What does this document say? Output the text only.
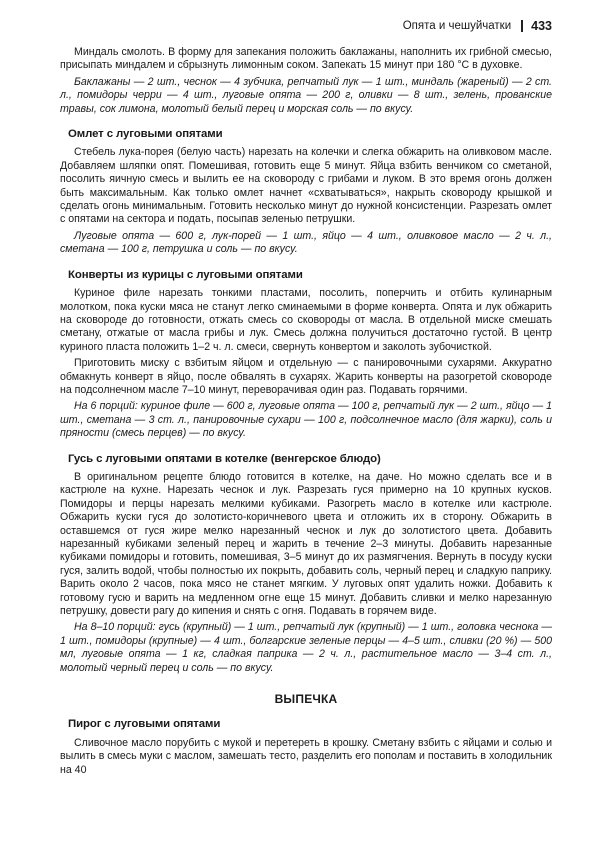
Опята и чешуйчатки 433

Миндаль смолоть. В форму для запекания положить баклажаны, наполнить их грибной смесью, присыпать миндалем и сбрызнуть лимонным соком. Запекать 15 минут при 180 °С в духовке.

Баклажаны — 2 шт., чеснок — 4 зубчика, репчатый лук — 1 шт., миндаль (жареный) — 2 ст. л., помидоры черри — 4 шт., луговые опята — 200 г, оливки — 8 шт., зелень, прованские травы, сок лимона, молотый белый перец и морская соль — по вкусу.

Омлет с луговыми опятами

Стебель лука-порея (белую часть) нарезать на колечки и слегка обжарить на оливковом масле. Добавляем шляпки опят. Помешивая, готовить еще 5 минут. Яйца взбить венчиком со сметаной, посолить яичную смесь и вылить ее на сковороду с грибами и луком. В это время огонь должен быть максимальным. Как только омлет начнет «схватываться», накрыть сковороду крышкой и сделать огонь минимальным. Готовить несколько минут до нужной консистенции. Разрезать омлет с опятами на сектора и подать, посыпав зеленью петрушки.

Луговые опята — 600 г, лук-порей — 1 шт., яйцо — 4 шт., оливковое масло — 2 ч. л., сметана — 100 г, петрушка и соль — по вкусу.

Конверты из курицы с луговыми опятами

Куриное филе нарезать тонкими пластами, посолить, поперчить и отбить кулинарным молотком, пока куски мяса не станут легко сминаемыми в форме конверта. Опята и лук обжарить на сковороде до готовности, отжать смесь со сковороды от масла. В отдельной миске смешать сметану, отжатые от масла грибы и лук. Смесь должна получиться достаточно густой. В центр куриного пласта положить 1–2 ч. л. смеси, свернуть конвертом и заколоть зубочисткой.

Приготовить миску с взбитым яйцом и отдельную — с панировочными сухарями. Аккуратно обмакнуть конверт в яйцо, после обвалять в сухарях. Жарить конверты на разогретой сковороде на подсолнечном масле 7–10 минут, переворачивая один раз. Подавать горячими.

На 6 порций: куриное филе — 600 г, луговые опята — 100 г, репчатый лук — 2 шт., яйцо — 1 шт., сметана — 3 ст. л., панировочные сухари — 100 г, подсолнечное масло (для жарки), соль и пряности (смесь перцев) — по вкусу.

Гусь с луговыми опятами в котелке (венгерское блюдо)

В оригинальном рецепте блюдо готовится в котелке, на даче. Но можно сделать все и в кастрюле на кухне. Нарезать чеснок и лук. Разрезать гуся примерно на 10 крупных кусков. Помидоры и перцы нарезать мелкими кубиками. Разогреть масло в котелке или кастрюле. Обжарить куски гуся до золотисто-коричневого цвета и отложить их в сторону. Обжарить в оставшемся от гуся жире мелко нарезанный чеснок и лук до золотистого цвета. Добавить нарезанный кубиками зеленый перец и жарить в течение 2–3 минуты. Добавить нарезанные кубиками помидоры и готовить, помешивая, 3–5 минут до их размягчения. Вернуть в посуду куски гуся, залить водой, чтобы полностью их покрыть, добавить соль, черный перец и сладкую паприку. Варить около 2 часов, пока мясо не станет мягким. У луговых опят удалить ножки. Добавить к готовому гусю и варить на медленном огне еще 15 минут. Добавить сливки и мелко нарезанную петрушку, довести рагу до кипения и снять с огня. Подавать в горячем виде.

На 8–10 порций: гусь (крупный) — 1 шт., репчатый лук (крупный) — 1 шт., головка чеснока — 1 шт., помидоры (крупные) — 4 шт., болгарские зеленые перцы — 4–5 шт., сливки (20 %) — 500 мл, луговые опята — 1 кг, сладкая паприка — 2 ч. л., растительное масло — 3–4 ст. л., молотый черный перец и соль — по вкусу.

ВЫПЕЧКА
Пирог с луговыми опятами

Сливочное масло порубить с мукой и перетереть в крошку. Сметану взбить с яйцами и солью и вылить в смесь муки с маслом, замешать тесто, разделить его пополам и поставить в холодильник на 40
